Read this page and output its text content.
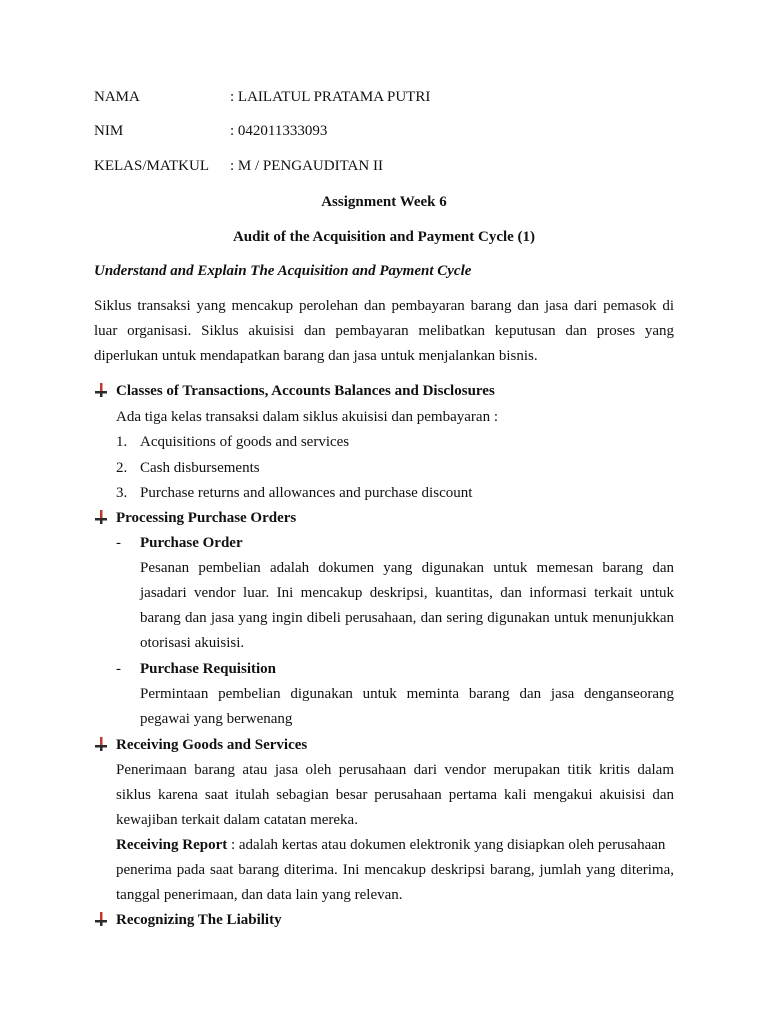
NAMA	: LAILATUL PRATAMA PUTRI
NIM	: 042011333093
KELAS/MATKUL : M / PENGAUDITAN II
Assignment Week 6
Audit of the Acquisition and Payment Cycle (1)
Understand and Explain The Acquisition and Payment Cycle
Siklus transaksi yang mencakup perolehan dan pembayaran barang dan jasa dari pemasok di
luar organisasi. Siklus akuisisi dan pembayaran melibatkan keputusan dan proses yang
diperlukan untuk mendapatkan barang dan jasa untuk menjalankan bisnis.
Classes of Transactions, Accounts Balances and Disclosures
Ada tiga kelas transaksi dalam siklus akuisisi dan pembayaran :
1. Acquisitions of goods and services
2. Cash disbursements
3. Purchase returns and allowances and purchase discount
Processing Purchase Orders
- Purchase Order
Pesanan pembelian adalah dokumen yang digunakan untuk memesan barang dan
jasadari vendor luar. Ini mencakup deskripsi, kuantitas, dan informasi terkait untuk
barang dan jasa yang ingin dibeli perusahaan, dan sering digunakan untuk menunjukkan
otorisasi akuisisi.
- Purchase Requisition
Permintaan pembelian digunakan untuk meminta barang dan jasa denganseorang
pegawai yang berwenang
Receiving Goods and Services
Penerimaan barang atau jasa oleh perusahaan dari vendor merupakan titik kritis dalam
siklus karena saat itulah sebagian besar perusahaan pertama kali mengakui akuisisi dan
kewajiban terkait dalam catatan mereka.
Receiving Report : adalah kertas atau dokumen elektronik yang disiapkan oleh perusahaan
penerima pada saat barang diterima. Ini mencakup deskripsi barang, jumlah yang diterima,
tanggal penerimaan, dan data lain yang relevan.
Recognizing The Liability
